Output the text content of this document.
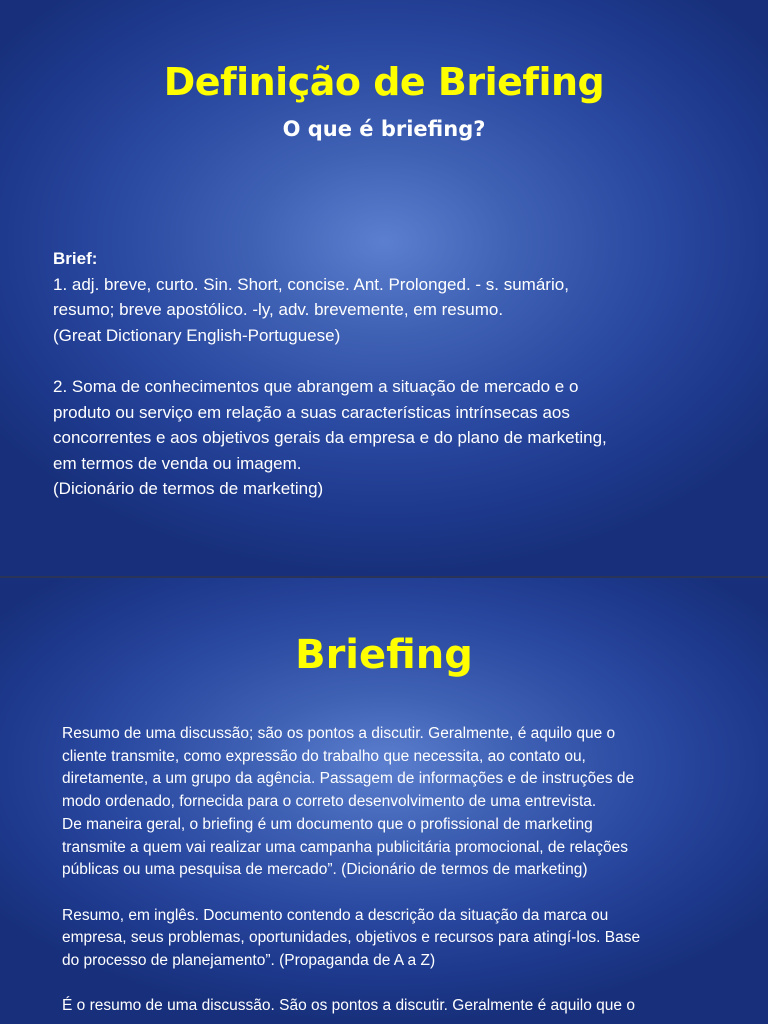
Definição de Briefing
O que é briefing?

Brief:

1. adj. breve, curto. Sin. Short, concise. Ant. Prolonged. - s. sumário,

resumo; breve apostólico. -ly, adv. brevemente, em resumo.

(Great Dictionary English-Portuguese)

2. Soma de conhecimentos que abrangem a situação de mercado e o

produto ou serviço em relação a suas características intrínsecas aos

concorrentes e aos objetivos gerais da empresa e do plano de marketing,

em termos de venda ou imagem.

(Dicionário de termos de marketing)

Briefing

Resumo de uma discussão; são os pontos a discutir. Geralmente, é aquilo que o

cliente transmite, como expressão do trabalho que necessita, ao contato ou,

diretamente, a um grupo da agência. Passagem de informações e de instruções de

modo ordenado, fornecida para o correto desenvolvimento de uma entrevista.

De maneira geral, o briefing é um documento que o profissional de marketing

transmite a quem vai realizar uma campanha publicitária promocional, de relações

públicas ou uma pesquisa de mercado”. (Dicionário de termos de marketing)

Resumo, em inglês. Documento contendo a descrição da situação da marca ou

empresa, seus problemas, oportunidades, objetivos e recursos para atingí-los. Base

do processo de planejamento”. (Propaganda de A a Z)

É o resumo de uma discussão. São os pontos a discutir. Geralmente é aquilo que o
